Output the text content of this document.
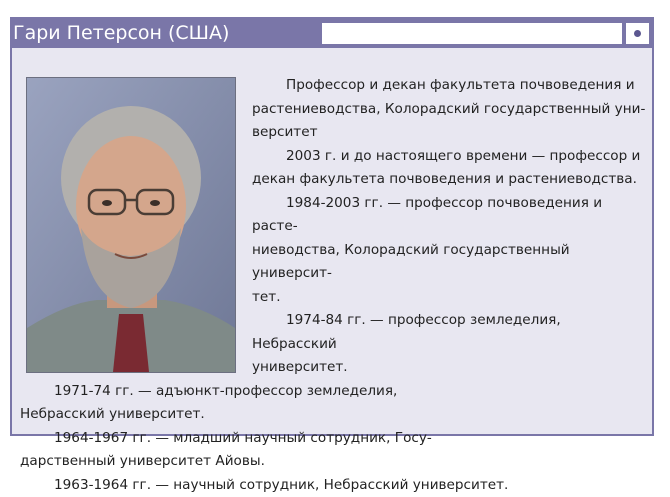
Гари Петерсон (США)

Профессор и декан факультета почвоведения и
растениеводства, Колорадский государственный уни-
верситет

2003 г. и до настоящего времени — профессор и
декан факультета почвоведения и растениеводства.

1984-2003 гг. — профессор почвоведения и расте-
ниеводства, Колорадский государственный университ-
тет.

1974-84 гг. — профессор земледелия, Небрасский
университет.

1971-74 гг. — адъюнкт-профессор земледелия,
Небрасский университет.

1964-1967 гг. — младший научный сотрудник, Госу-
дарственный университет Айовы.

1963-1964 гг. — научный сотрудник, Небрасский университет.
